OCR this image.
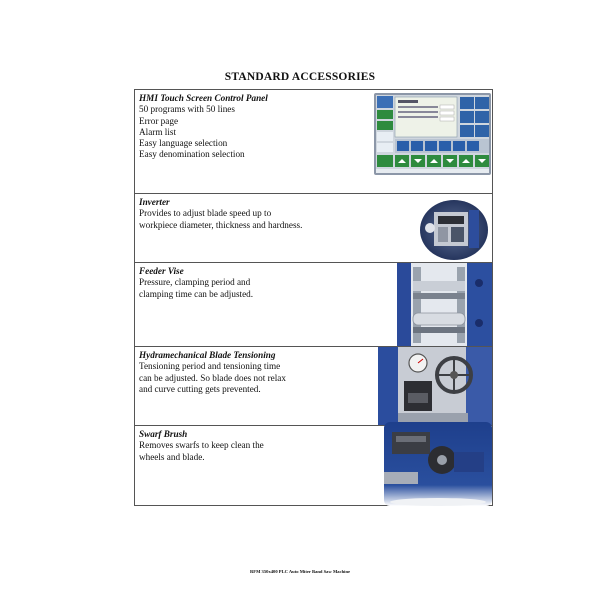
STANDARD ACCESSORIES
HMI Touch Screen Control Panel
50 programs with 50 lines
Error page
Alarm list
Easy language selection
Easy denomination selection
Inverter
Provides to adjust blade speed up to
workpiece diameter, thickness and hardness.
Feeder Vise
Pressure, clamping period and
clamping time can be adjusted.
Hydramechanical Blade Tensioning
Tensioning period and tensioning time
can be adjusted. So blade does not relax
and curve cutting gets prevented.
Swarf Brush
Removes swarfs to keep clean the
wheels and blade.
RFM 350x400 PLC Auto Miter Band Saw Machine
